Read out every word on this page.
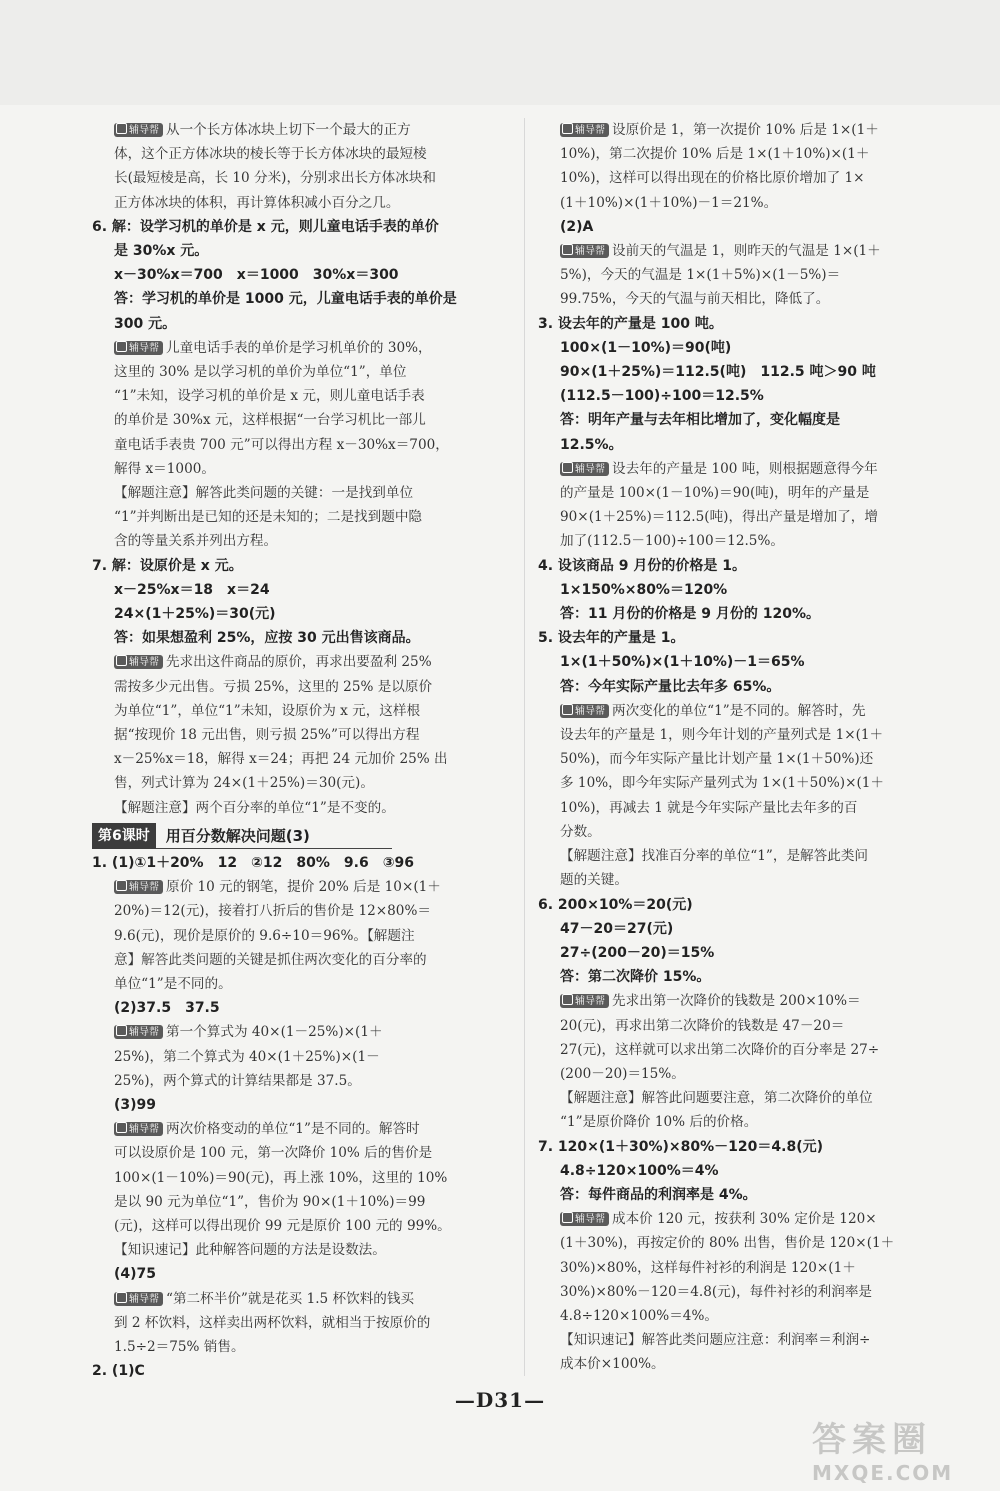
辅导帮 从一个长方体冰块上切下一个最大的正方
体，这个正方体冰块的棱长等于长方体冰块的最短棱
长(最短棱是高，长 10 分米)，分别求出长方体冰块和
正方体冰块的体积，再计算体积减小百分之几。
6. 解：设学习机的单价是 x 元，则儿童电话手表的单价
是 30%x 元。
x－30%x＝700　x＝1000　30%x＝300
答：学习机的单价是 1000 元，儿童电话手表的单价是
300 元。
辅导帮 儿童电话手表的单价是学习机单价的 30%，
这里的 30% 是以学习机的单价为单位“1”，单位
“1”未知，设学习机的单价是 x 元，则儿童电话手表
的单价是 30%x 元，这样根据“一台学习机比一部儿
童电话手表贵 700 元”可以得出方程 x－30%x＝700，
解得 x＝1000。
【解题注意】解答此类问题的关键：一是找到单位
“1”并判断出是已知的还是未知的；二是找到题中隐
含的等量关系并列出方程。
7. 解：设原价是 x 元。
x－25%x＝18　x＝24
24×(1＋25%)＝30(元)
答：如果想盈利 25%，应按 30 元出售该商品。
辅导帮 先求出这件商品的原价，再求出要盈利 25%
需按多少元出售。亏损 25%，这里的 25% 是以原价
为单位“1”，单位“1”未知，设原价为 x 元，这样根
据“按现价 18 元出售，则亏损 25%”可以得出方程
x－25%x＝18，解得 x＝24；再把 24 元加价 25% 出
售，列式计算为 24×(1＋25%)＝30(元)。
【解题注意】两个百分率的单位“1”是不变的。
第6课时	用百分数解决问题(3)
1. (1)①1＋20%　12　②12　80%　9.6　③96
辅导帮 原价 10 元的钢笔，提价 20% 后是 10×(1＋
20%)＝12(元)，接着打八折后的售价是 12×80%＝
9.6(元)，现价是原价的 9.6÷10＝96%。【解题注
意】解答此类问题的关键是抓住两次变化的百分率的
单位“1”是不同的。
(2)37.5　37.5
辅导帮 第一个算式为 40×(1－25%)×(1＋
25%)，第二个算式为 40×(1＋25%)×(1－
25%)，两个算式的计算结果都是 37.5。
(3)99
辅导帮 两次价格变动的单位“1”是不同的。解答时
可以设原价是 100 元，第一次降价 10% 后的售价是
100×(1－10%)＝90(元)，再上涨 10%，这里的 10%
是以 90 元为单位“1”，售价为 90×(1＋10%)＝99
(元)，这样可以得出现价 99 元是原价 100 元的 99%。
【知识速记】此种解答问题的方法是设数法。
(4)75
辅导帮 “第二杯半价”就是花买 1.5 杯饮料的钱买
到 2 杯饮料，这样卖出两杯饮料，就相当于按原价的
1.5÷2＝75% 销售。
2. (1)C
辅导帮 设原价是 1，第一次提价 10% 后是 1×(1＋
10%)，第二次提价 10% 后是 1×(1＋10%)×(1＋
10%)，这样可以得出现在的价格比原价增加了 1×
(1＋10%)×(1＋10%)－1＝21%。
(2)A
辅导帮 设前天的气温是 1，则昨天的气温是 1×(1＋
5%)，今天的气温是 1×(1＋5%)×(1－5%)＝
99.75%，今天的气温与前天相比，降低了。
3. 设去年的产量是 100 吨。
100×(1－10%)＝90(吨)
90×(1＋25%)＝112.5(吨)　112.5 吨＞90 吨
(112.5－100)÷100＝12.5%
答：明年产量与去年相比增加了，变化幅度是
12.5%。
辅导帮 设去年的产量是 100 吨，则根据题意得今年
的产量是 100×(1－10%)＝90(吨)，明年的产量是
90×(1＋25%)＝112.5(吨)，得出产量是增加了，增
加了(112.5－100)÷100＝12.5%。
4. 设该商品 9 月份的价格是 1。
1×150%×80%＝120%
答：11 月份的价格是 9 月份的 120%。
5. 设去年的产量是 1。
1×(1＋50%)×(1＋10%)－1＝65%
答：今年实际产量比去年多 65%。
辅导帮 两次变化的单位“1”是不同的。解答时，先
设去年的产量是 1，则今年计划的产量列式是 1×(1＋
50%)，而今年实际产量比计划产量 1×(1＋50%)还
多 10%，即今年实际产量列式为 1×(1＋50%)×(1＋
10%)，再减去 1 就是今年实际产量比去年多的百
分数。
【解题注意】找准百分率的单位“1”，是解答此类问
题的关键。
6. 200×10%＝20(元)
47－20＝27(元)
27÷(200－20)＝15%
答：第二次降价 15%。
辅导帮 先求出第一次降价的钱数是 200×10%＝
20(元)，再求出第二次降价的钱数是 47－20＝
27(元)，这样就可以求出第二次降价的百分率是 27÷
(200－20)＝15%。
【解题注意】解答此问题要注意，第二次降价的单位
“1”是原价降价 10% 后的价格。
7. 120×(1＋30%)×80%－120＝4.8(元)
4.8÷120×100%＝4%
答：每件商品的利润率是 4%。
辅导帮 成本价 120 元，按获利 30% 定价是 120×
(1＋30%)，再按定价的 80% 出售，售价是 120×(1＋
30%)×80%，这样每件衬衫的利润是 120×(1＋
30%)×80%－120＝4.8(元)，每件衬衫的利润率是
4.8÷120×100%＝4%。
【知识速记】解答此类问题应注意：利润率＝利润÷
成本价×100%。
—D31—
答案圈
MXQE.COM
